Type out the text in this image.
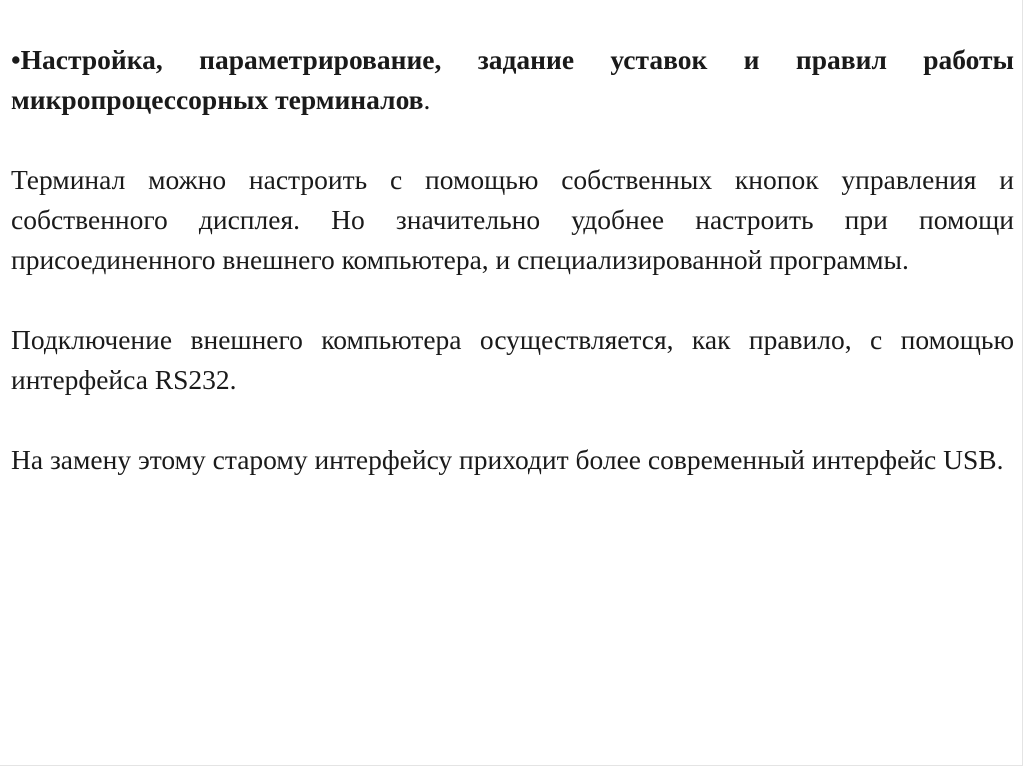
•Настройка, параметрирование, задание уставок и правил работы микропроцессорных терминалов.

Терминал можно настроить с помощью собственных кнопок управления и собственного дисплея. Но значительно удобнее настроить при помощи присоединенного внешнего компьютера, и специализированной программы.

Подключение внешнего компьютера осуществляется, как правило, с помощью интерфейса RS232.

На замену этому старому интерфейсу приходит более современный интерфейс USB.
